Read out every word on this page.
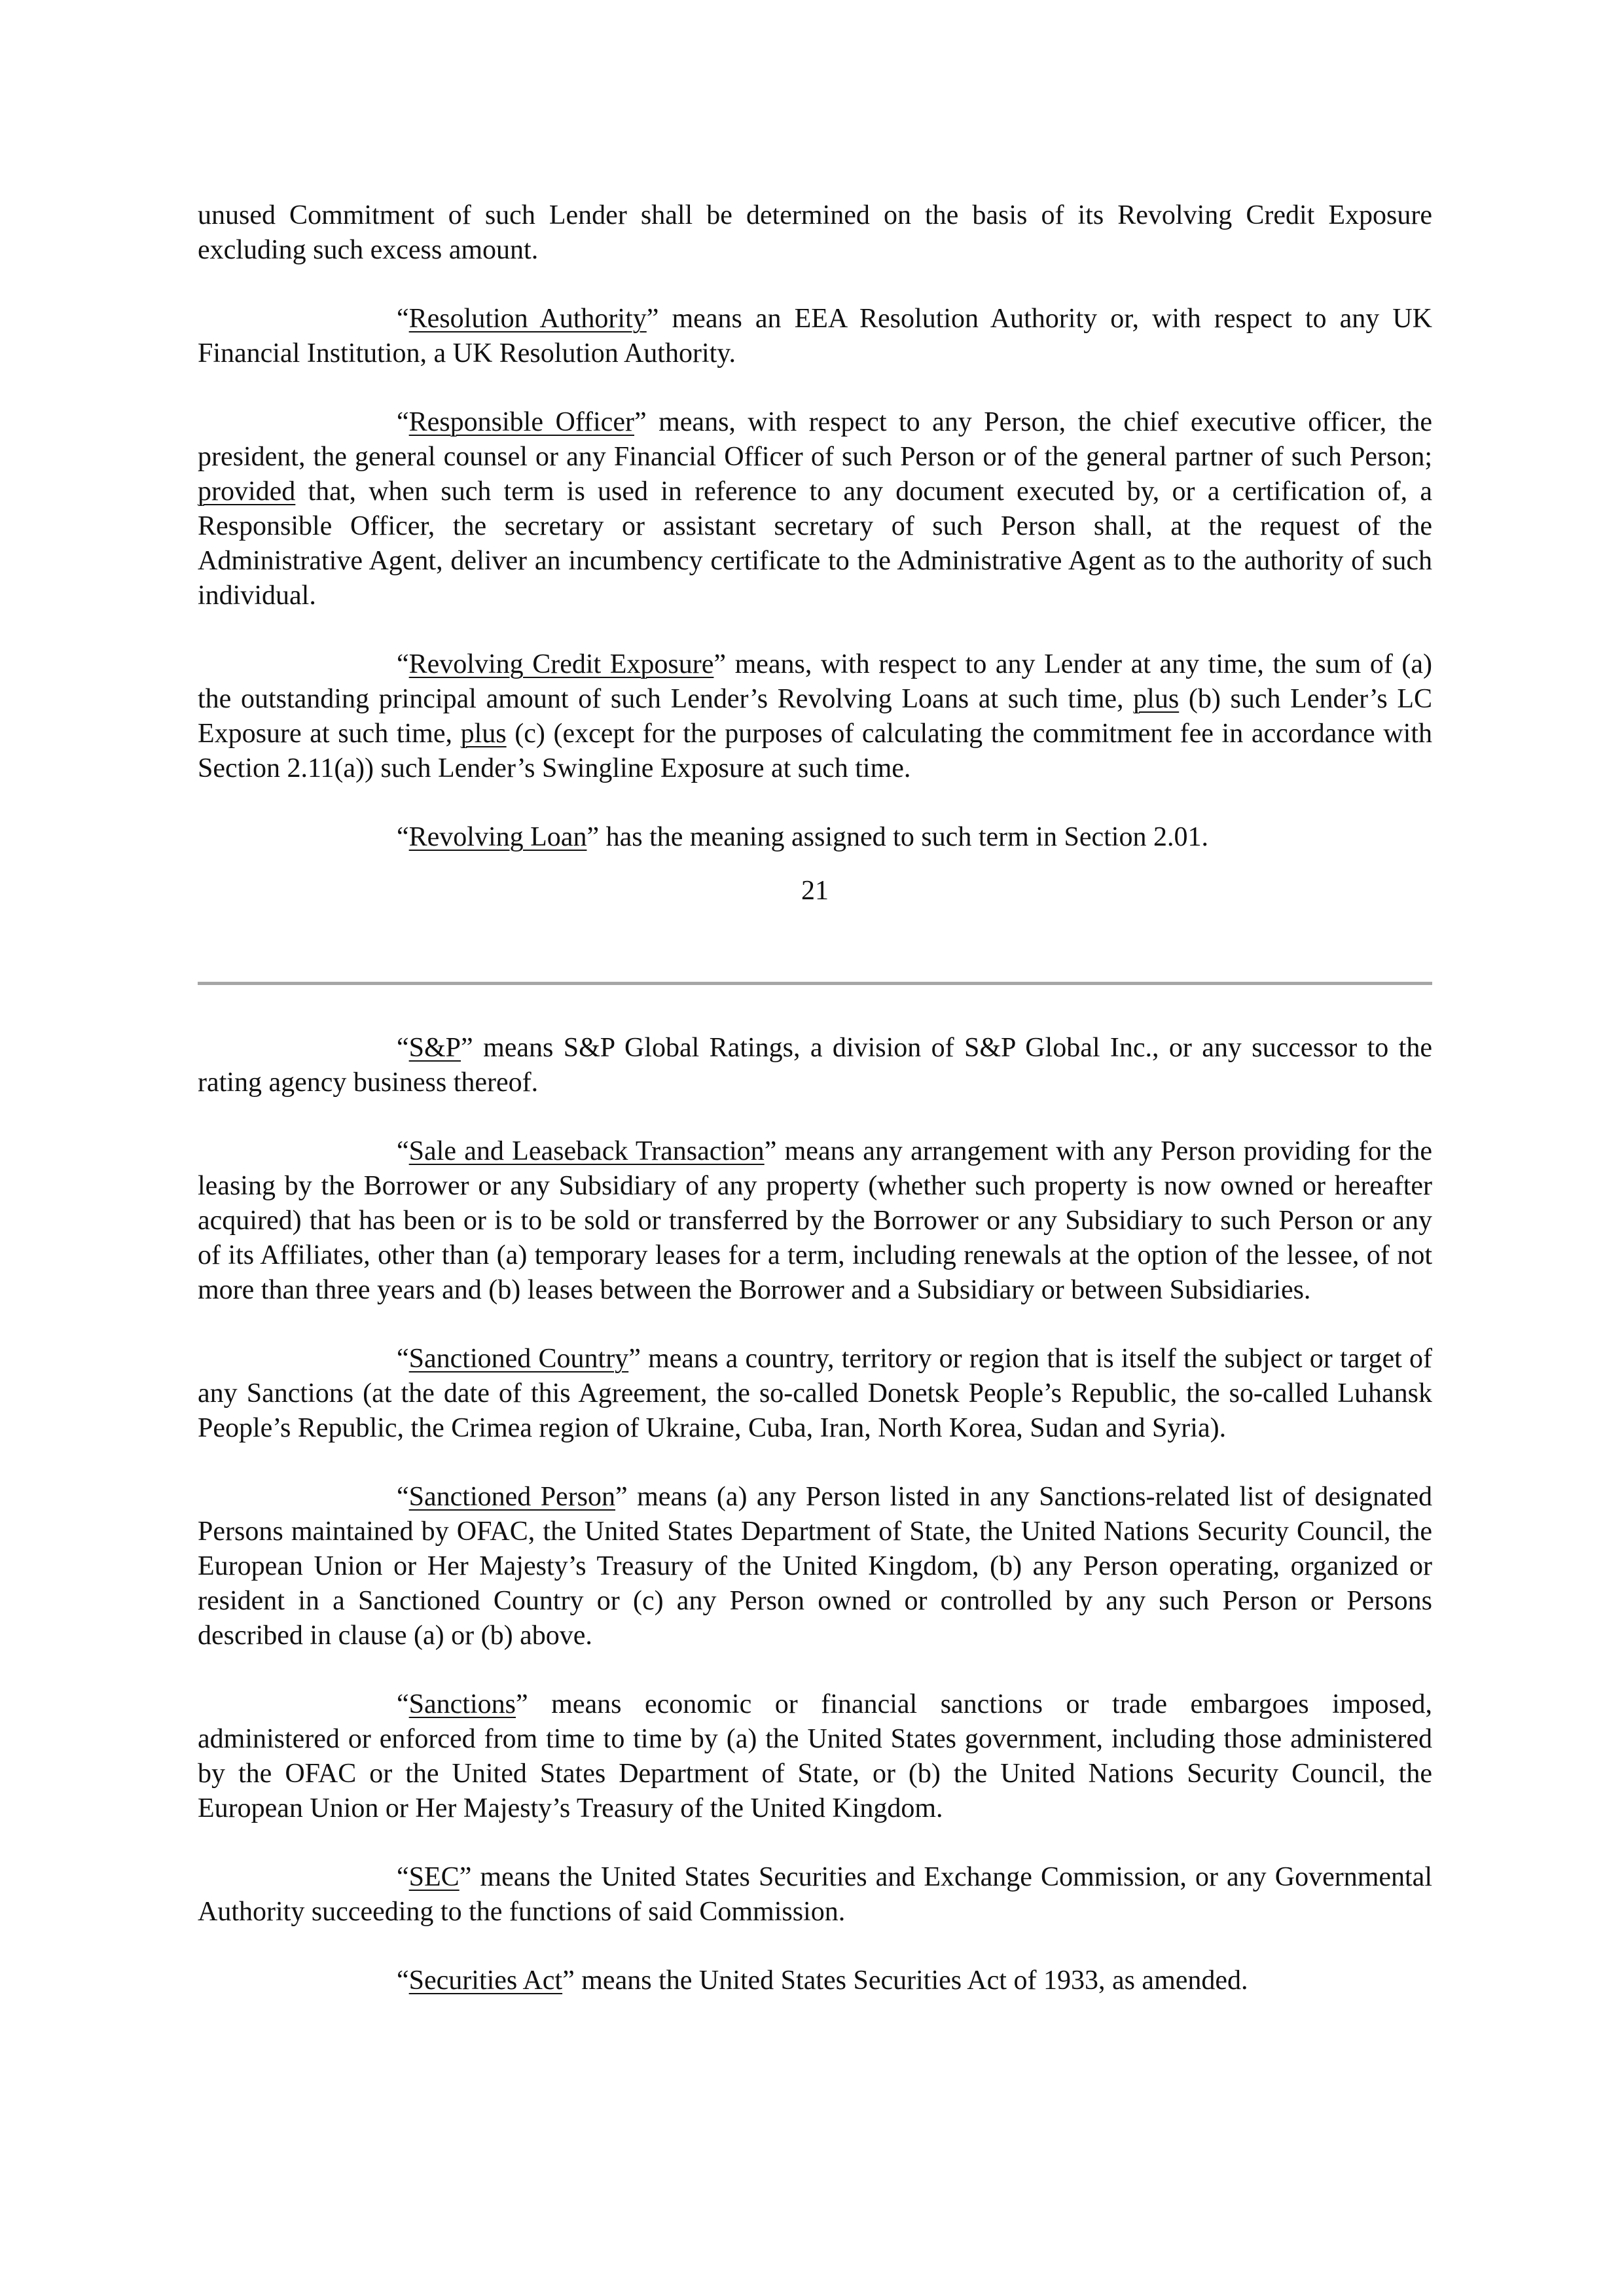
unused Commitment of such Lender shall be determined on the basis of its Revolving Credit Exposure excluding such excess amount.

“Resolution Authority” means an EEA Resolution Authority or, with respect to any UK Financial Institution, a UK Resolution Authority.

“Responsible Officer” means, with respect to any Person, the chief executive officer, the president, the general counsel or any Financial Officer of such Person or of the general partner of such Person; provided that, when such term is used in reference to any document executed by, or a certification of, a Responsible Officer, the secretary or assistant secretary of such Person shall, at the request of the Administrative Agent, deliver an incumbency certificate to the Administrative Agent as to the authority of such individual.

“Revolving Credit Exposure” means, with respect to any Lender at any time, the sum of (a) the outstanding principal amount of such Lender’s Revolving Loans at such time, plus (b) such Lender’s LC Exposure at such time, plus (c) (except for the purposes of calculating the commitment fee in accordance with Section 2.11(a)) such Lender’s Swingline Exposure at such time.

“Revolving Loan” has the meaning assigned to such term in Section 2.01.

21

“S&P” means S&P Global Ratings, a division of S&P Global Inc., or any successor to the rating agency business thereof.

“Sale and Leaseback Transaction” means any arrangement with any Person providing for the leasing by the Borrower or any Subsidiary of any property (whether such property is now owned or hereafter acquired) that has been or is to be sold or transferred by the Borrower or any Subsidiary to such Person or any of its Affiliates, other than (a) temporary leases for a term, including renewals at the option of the lessee, of not more than three years and (b) leases between the Borrower and a Subsidiary or between Subsidiaries.

“Sanctioned Country” means a country, territory or region that is itself the subject or target of any Sanctions (at the date of this Agreement, the so-called Donetsk People’s Republic, the so-called Luhansk People’s Republic, the Crimea region of Ukraine, Cuba, Iran, North Korea, Sudan and Syria).

“Sanctioned Person” means (a) any Person listed in any Sanctions-related list of designated Persons maintained by OFAC, the United States Department of State, the United Nations Security Council, the European Union or Her Majesty’s Treasury of the United Kingdom, (b) any Person operating, organized or resident in a Sanctioned Country or (c) any Person owned or controlled by any such Person or Persons described in clause (a) or (b) above.

“Sanctions” means economic or financial sanctions or trade embargoes imposed, administered or enforced from time to time by (a) the United States government, including those administered by the OFAC or the United States Department of State, or (b) the United Nations Security Council, the European Union or Her Majesty’s Treasury of the United Kingdom.

“SEC” means the United States Securities and Exchange Commission, or any Governmental Authority succeeding to the functions of said Commission.

“Securities Act” means the United States Securities Act of 1933, as amended.
